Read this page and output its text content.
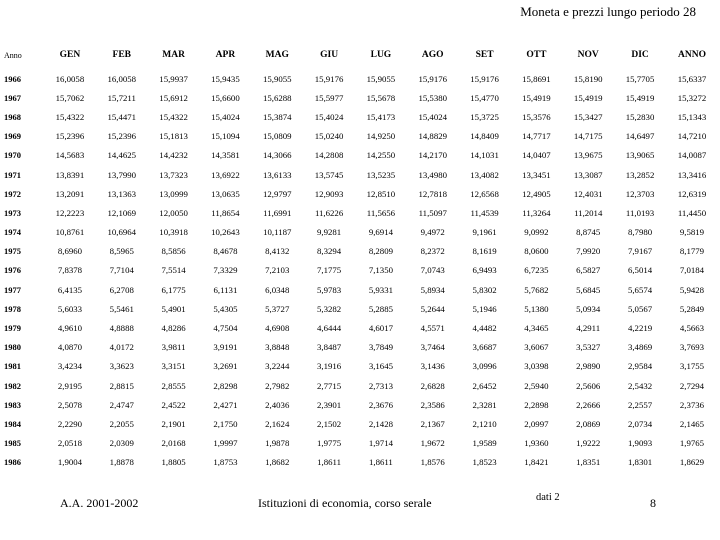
Moneta e prezzi lungo periodo 28
Anno	GEN	FEB	MAR	APR	MAG	GIU	LUG	AGO	SET	OTT	NOV	DIC	ANNO
1966	16,0058	16,0058	15,9937	15,9435	15,9055	15,9176	15,9055	15,9176	15,9176	15,8691	15,8190	15,7705	15,6337
1967	15,7062	15,7211	15,6912	15,6600	15,6288	15,5977	15,5678	15,5380	15,4770	15,4919	15,4919	15,4919	15,3272
1968	15,4322	15,4471	15,4322	15,4024	15,3874	15,4024	15,4173	15,4024	15,3725	15,3576	15,3427	15,2830	15,1343
1969	15,2396	15,2396	15,1813	15,1094	15,0809	15,0240	14,9250	14,8829	14,8409	14,7717	14,7175	14,6497	14,7210
1970	14,5683	14,4625	14,4232	14,3581	14,3066	14,2808	14,2550	14,2170	14,1031	14,0407	13,9675	13,9065	14,0087
1971	13,8391	13,7990	13,7323	13,6922	13,6133	13,5745	13,5235	13,4980	13,4082	13,3451	13,3087	13,2852	13,3416
1972	13,2091	13,1363	13,0999	13,0635	12,9797	12,9093	12,8510	12,7818	12,6568	12,4905	12,4031	12,3703	12,6319
1973	12,2223	12,1069	12,0050	11,8654	11,6991	11,6226	11,5656	11,5097	11,4539	11,3264	11,2014	11,0193	11,4450
1974	10,8761	10,6964	10,3918	10,2643	10,1187	9,9281	9,6914	9,4972	9,1961	9,0992	8,8745	8,7980	9,5819
1975	8,6960	8,5965	8,5856	8,4678	8,4132	8,3294	8,2809	8,2372	8,1619	8,0600	7,9920	7,9167	8,1779
1976	7,8378	7,7104	7,5514	7,3329	7,2103	7,1775	7,1350	7,0743	6,9493	6,7235	6,5827	6,5014	7,0184
1977	6,4135	6,2708	6,1775	6,1131	6,0348	5,9783	5,9331	5,8934	5,8302	5,7682	5,6845	5,6574	5,9428
1978	5,6033	5,5461	5,4901	5,4305	5,3727	5,3282	5,2885	5,2644	5,1946	5,1380	5,0934	5,0567	5,2849
1979	4,9610	4,8888	4,8286	4,7504	4,6908	4,6444	4,6017	4,5571	4,4482	4,3465	4,2911	4,2219	4,5663
1980	4,0870	4,0172	3,9811	3,9191	3,8848	3,8487	3,7849	3,7464	3,6687	3,6067	3,5327	3,4869	3,7693
1981	3,4234	3,3623	3,3151	3,2691	3,2244	3,1916	3,1645	3,1436	3,0996	3,0398	2,9890	2,9584	3,1755
1982	2,9195	2,8815	2,8555	2,8298	2,7982	2,7715	2,7313	2,6828	2,6452	2,5940	2,5606	2,5432	2,7294
1983	2,5078	2,4747	2,4522	2,4271	2,4036	2,3901	2,3676	2,3586	2,3281	2,2898	2,2666	2,2557	2,3736
1984	2,2290	2,2055	2,1901	2,1750	2,1624	2,1502	2,1428	2,1367	2,1210	2,0997	2,0869	2,0734	2,1465
1985	2,0518	2,0309	2,0168	1,9997	1,9878	1,9775	1,9714	1,9672	1,9589	1,9360	1,9222	1,9093	1,9765
1986	1,9004	1,8878	1,8805	1,8753	1,8682	1,8611	1,8611	1,8576	1,8523	1,8421	1,8351	1,8301	1,8629
A.A. 2001-2002	Istituzioni di economia, corso serale	dati 2	8
